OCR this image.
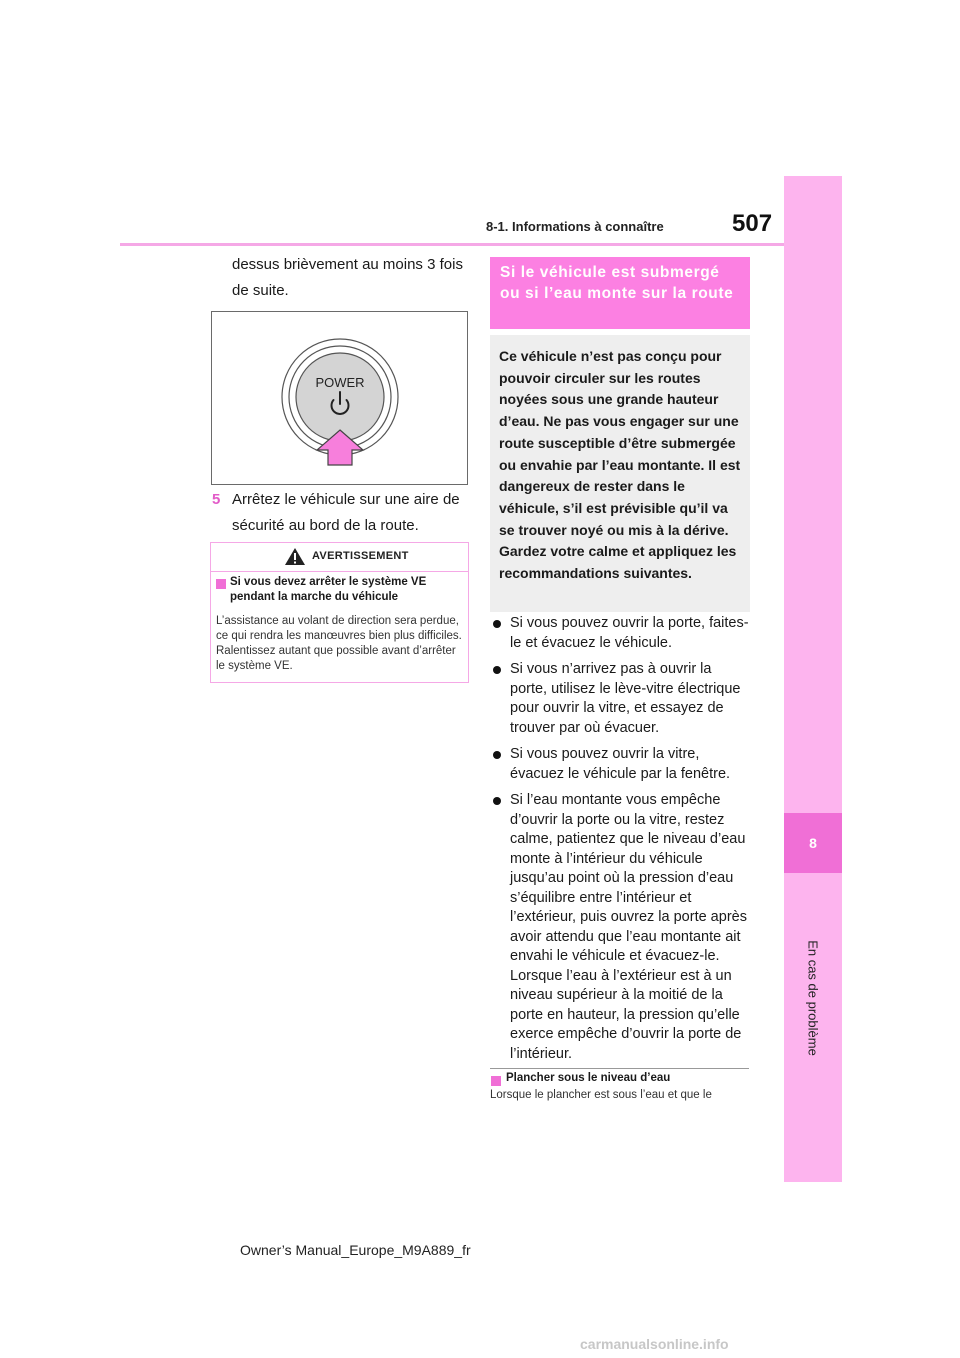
8-1. Informations à connaître	507
8
En cas de problème
dessus brièvement au moins 3 fois de suite.
POWER
5 Arrêtez le véhicule sur une aire de sécurité au bord de la route.
AVERTISSEMENT
Si vous devez arrêter le système VE pendant la marche du véhicule
L’assistance au volant de direction sera perdue, ce qui rendra les manœuvres bien plus difficiles. Ralentissez autant que possible avant d’arrêter le système VE.
Si le véhicule est submergé ou si l’eau monte sur la route
Ce véhicule n’est pas conçu pour pouvoir circuler sur les routes noyées sous une grande hauteur d’eau. Ne pas vous engager sur une route susceptible d’être submergée ou envahie par l’eau montante. Il est dangereux de rester dans le véhicule, s’il est prévisible qu’il va se trouver noyé ou mis à la dérive. Gardez votre calme et appliquez les recommandations suivantes.
Si vous pouvez ouvrir la porte, faites-le et évacuez le véhicule.
Si vous n’arrivez pas à ouvrir la porte, utilisez le lève-vitre électrique pour ouvrir la vitre, et essayez de trouver par où évacuer.
Si vous pouvez ouvrir la vitre, évacuez le véhicule par la fenêtre.
Si l’eau montante vous empêche d’ouvrir la porte ou la vitre, restez calme, patientez que le niveau d’eau monte à l’intérieur du véhicule jusqu’au point où la pression d’eau s’équilibre entre l’intérieur et l’extérieur, puis ouvrez la porte après avoir attendu que l’eau montante ait envahi le véhicule et évacuez-le. Lorsque l’eau à l’extérieur est à un niveau supérieur à la moitié de la porte en hauteur, la pression qu’elle exerce empêche d’ouvrir la porte de l’intérieur.
Plancher sous le niveau d’eau
Lorsque le plancher est sous l’eau et que le
Owner’s Manual_Europe_M9A889_fr
carmanualsonline.info
